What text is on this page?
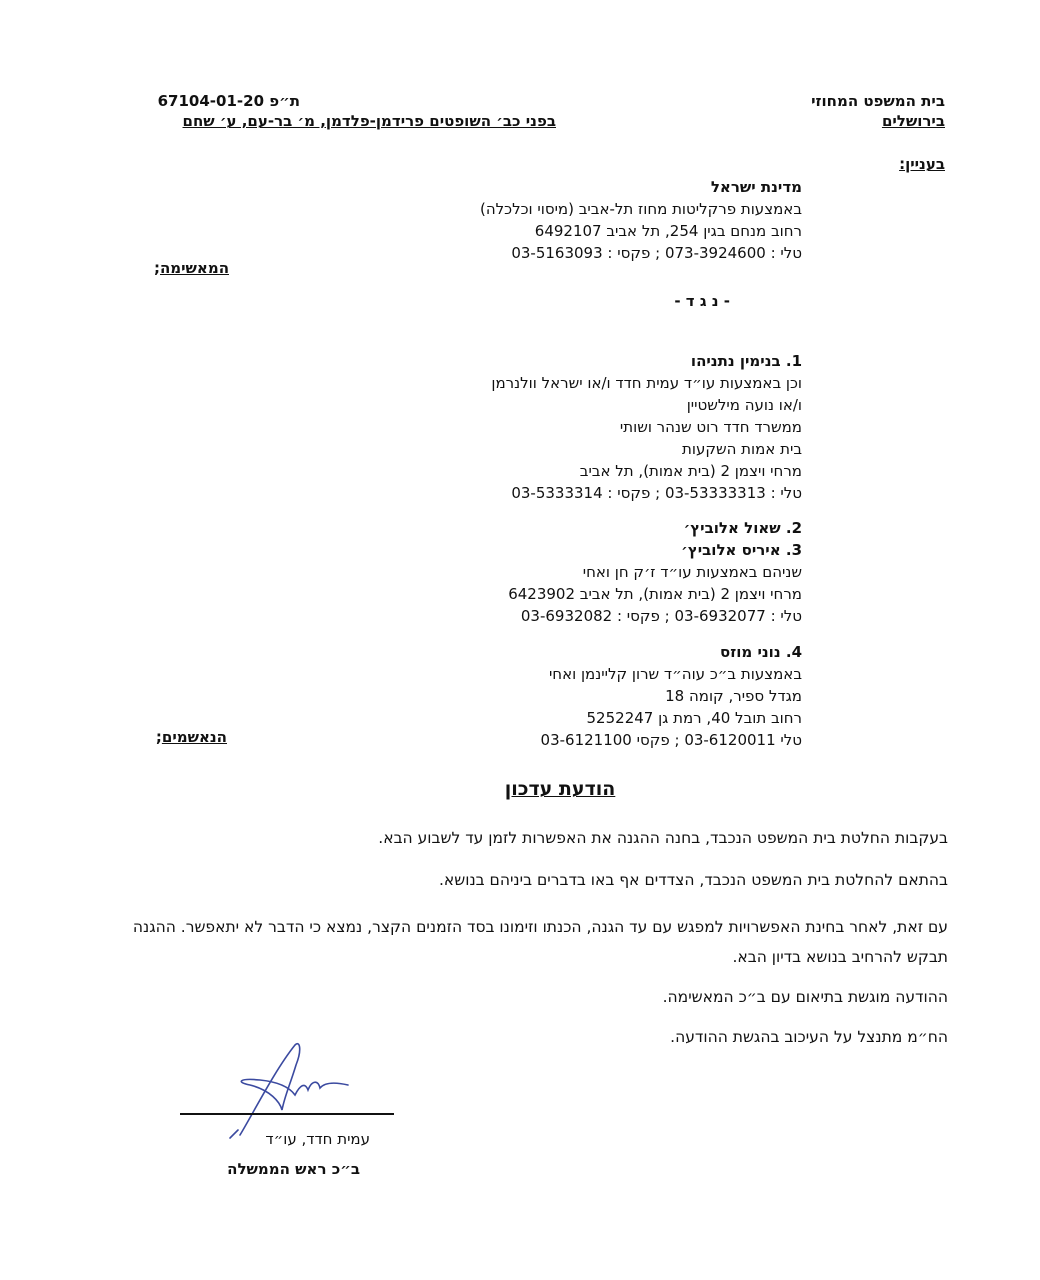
בית המשפט המחוזי
בירושלים
ת״פ 67104-01-20
בפני כב׳ השופטים פרידמן-פלדמן, מ׳ בר-עם, ע׳ שחם
בעניין:
מדינת ישראל
באמצעות פרקליטות מחוז תל-אביב (מיסוי וכלכלה)
רחוב מנחם בגין 254, תל אביב 6492107
טלי : 073-3924600 ; פקסי : 03-5163093
המאשימה;
- נ ג ד -
1. בנימין נתניהו
וכן באמצעות עו״ד עמית חדד ו/או ישראל וולנרמן
ו/או נועה מילשטיין
ממשרד חדד רוט שנהר ושותי
בית אמות השקעות
מרחי ויצמן 2 (בית אמות), תל אביב
טלי : 03-53333313 ; פקסי : 03-5333314
2. שאול אלוביץ׳
3. איריס אלוביץ׳
שניהם באמצעות עו״ד ז׳ק חן ואחי
מרחי ויצמן 2 (בית אמות), תל אביב 6423902
טלי : 03-6932077 ; פקסי : 03-6932082
4. נוני מוזס
באמצעות ב״כ עוה״ד שרון קליינמן ואחי
מגדל ספיר, קומה 18
רחוב תובל 40, רמת גן 5252247
טלי 03-6120011 ; פקסי 03-6121100
הנאשמים;
הודעת עדכון
בעקבות החלטת בית המשפט הנכבד, בחנה ההגנה את האפשרות לזמן עד לשבוע הבא.
בהתאם להחלטת בית המשפט הנכבד, הצדדים אף באו בדברים ביניהם בנושא.
עם זאת, לאחר בחינת האפשרויות למפגש עם עד הגנה, הכנתו וזימונו בסד הזמנים הקצר, נמצא כי הדבר לא יתאפשר. ההגנה תבקש להרחיב בנושא בדיון הבא.
ההודעה מוגשת בתיאום עם ב״כ המאשימה.
הח״מ מתנצל על העיכוב בהגשת ההודעה.
עמית חדד, עו״ד
ב״כ ראש הממשלה
